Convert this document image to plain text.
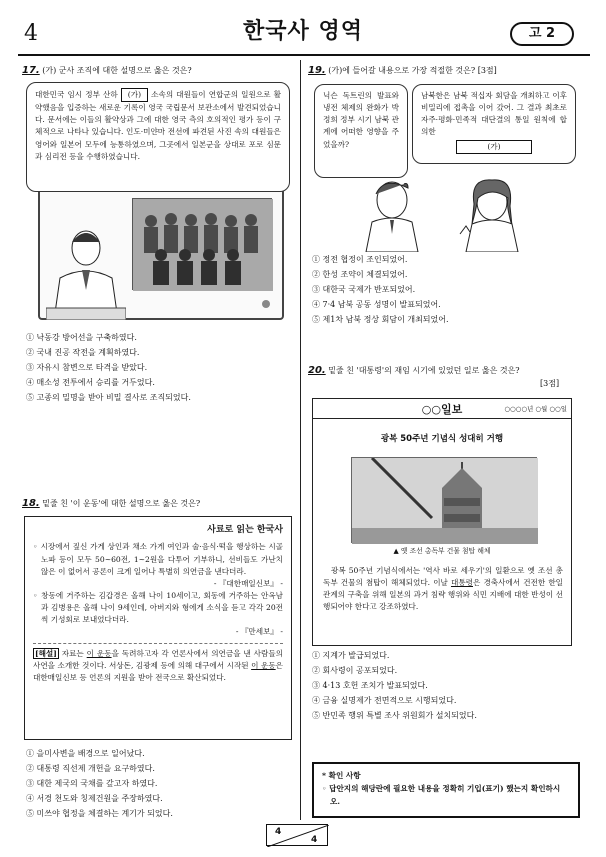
4	한국사 영역	고 2
17. (가) 군사 조직에 대한 설명으로 옳은 것은?
대한민국 임시 정부 산하 (가) 소속의 대원들이 연합군의 일원으로 활약했음을 입증하는 새로운 기록이 영국 국립문서 보관소에서 발견되었습니다. 문서에는 이들의 활약상과 그에 대한 영국 측의 호의적인 평가 등이 구체적으로 나타나 있습니다. 인도·미얀마 전선에 파견된 사진 속의 대원들은 영어와 일본어 모두에 능통하였으며, 그곳에서 일본군을 상대로 포로 심문과 심리전 등을 수행하였습니다.
① 낙동강 방어선을 구축하였다.
② 국내 진공 작전을 계획하였다.
③ 자유시 참변으로 타격을 받았다.
④ 매소성 전투에서 승리를 거두었다.
⑤ 고종의 밀명을 받아 비밀 결사로 조직되었다.
18. 밑줄 친 '이 운동'에 대한 설명으로 옳은 것은?
사료로 읽는 한국사
◦ 시장에서 짚신 가게 상인과 채소 가게 여인과 술·음식·떡을 행상하는 시골 노파 등이 모두 50~60전, 1~2원을 다투어 기부하니, 선비들도 가난치 않은 이 없어서 공론이 크게 일어나 특별히 의연금을 낸다더라.
- 『대한매일신보』 -
◦ 창동에 거주하는 김갑경은 올해 나이 10세이고, 회동에 거주하는 안옥남과 김병용은 올해 나이 9세인데, 아버지와 형에게 소식을 듣고 각각 20전씩 기성회로 보내었다더라.
- 『만세보』 -
[해설] 자료는 이 운동을 독려하고자 각 언론사에서 의연금을 낸 사람들의 사연을 소개한 것이다. 서상돈, 김광제 등에 의해 대구에서 시작된 이 운동은 대한매일신보 등 언론의 지원을 받아 전국으로 확산되었다.
① 을미사변을 배경으로 일어났다.
② 대통령 직선제 개헌을 요구하였다.
③ 대한 제국의 국채를 갚고자 하였다.
④ 서경 천도와 칭제건원을 주장하였다.
⑤ 미쓰야 협정을 체결하는 계기가 되었다.
19. (가)에 들어갈 내용으로 가장 적절한 것은? [3점]
닉슨 독트린의 발표와 냉전 체제의 완화가 박정희 정부 시기 남북 관계에 어떠한 영향을 주었을까?
남북한은 남북 적십자 회담을 개최하고 이후 비밀리에 접촉을 이어 갔어. 그 결과 최초로 자주·평화·민족적 대단결의 통일 원칙에 합의한
(가)
① 정전 협정이 조인되었어.
② 한성 조약이 체결되었어.
③ 대한국 국제가 반포되었어.
④ 7·4 남북 공동 성명이 발표되었어.
⑤ 제1차 남북 정상 회담이 개최되었어.
20. 밑줄 친 '대통령'의 재임 시기에 있었던 일로 옳은 것은?
[3점]
○○일보	○○○○년 ○월 ○○일
광복 50주년 기념식 성대히 거행
▲ 옛 조선 총독부 건물 첨탑 해체
광복 50주년 기념식에서는 '역사 바로 세우기'의 일환으로 옛 조선 총독부 건물의 첨탑이 해체되었다. 이날 대통령은 경축사에서 건전한 한일 관계의 구축을 위해 일본의 과거 침략 행위와 식민 지배에 대한 반성이 선행되어야 한다고 강조하였다.
① 지계가 발급되었다.
② 회사령이 공포되었다.
③ 4·13 호헌 조치가 발표되었다.
④ 금융 실명제가 전면적으로 시행되었다.
⑤ 반민족 행위 특별 조사 위원회가 설치되었다.
* 확인 사항
◦ 답안지의 해당란에 필요한 내용을 정확히 기입(표기) 했는지 확인하시오.
4
4
